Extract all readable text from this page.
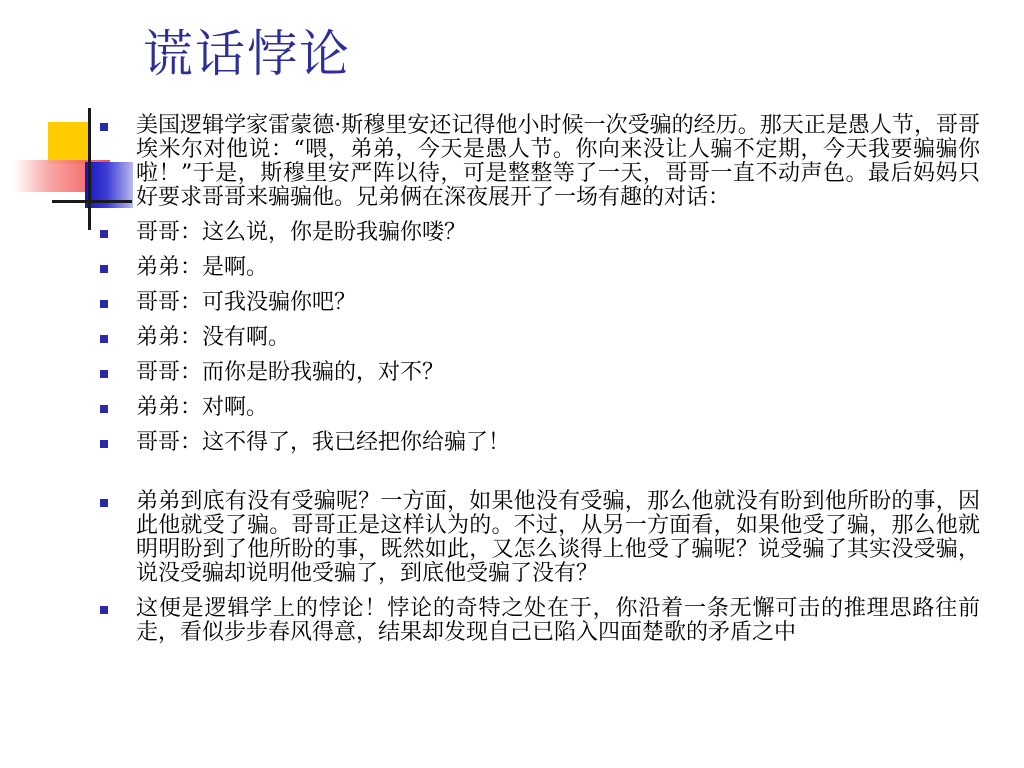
谎话悖论
美国逻辑学家雷蒙德·斯穆里安还记得他小时候一次受骗的经历。那天正是愚人节，哥哥埃米尔对他说：“喂，弟弟，今天是愚人节。你向来没让人骗不定期，今天我要骗骗你啦！”于是，斯穆里安严阵以待，可是整整等了一天，哥哥一直不动声色。最后妈妈只好要求哥哥来骗骗他。兄弟俩在深夜展开了一场有趣的对话：
哥哥：这么说，你是盼我骗你喽？
弟弟：是啊。
哥哥：可我没骗你吧？
弟弟：没有啊。
哥哥：而你是盼我骗的，对不？
弟弟：对啊。
哥哥：这不得了，我已经把你给骗了！
弟弟到底有没有受骗呢？一方面，如果他没有受骗，那么他就没有盼到他所盼的事，因此他就受了骗。哥哥正是这样认为的。不过，从另一方面看，如果他受了骗，那么他就明明盼到了他所盼的事，既然如此，又怎么谈得上他受了骗呢？说受骗了其实没受骗，说没受骗却说明他受骗了，到底他受骗了没有？
这便是逻辑学上的悖论！悖论的奇特之处在于，你沿着一条无懈可击的推理思路往前走，看似步步春风得意，结果却发现自己已陷入四面楚歌的矛盾之中
